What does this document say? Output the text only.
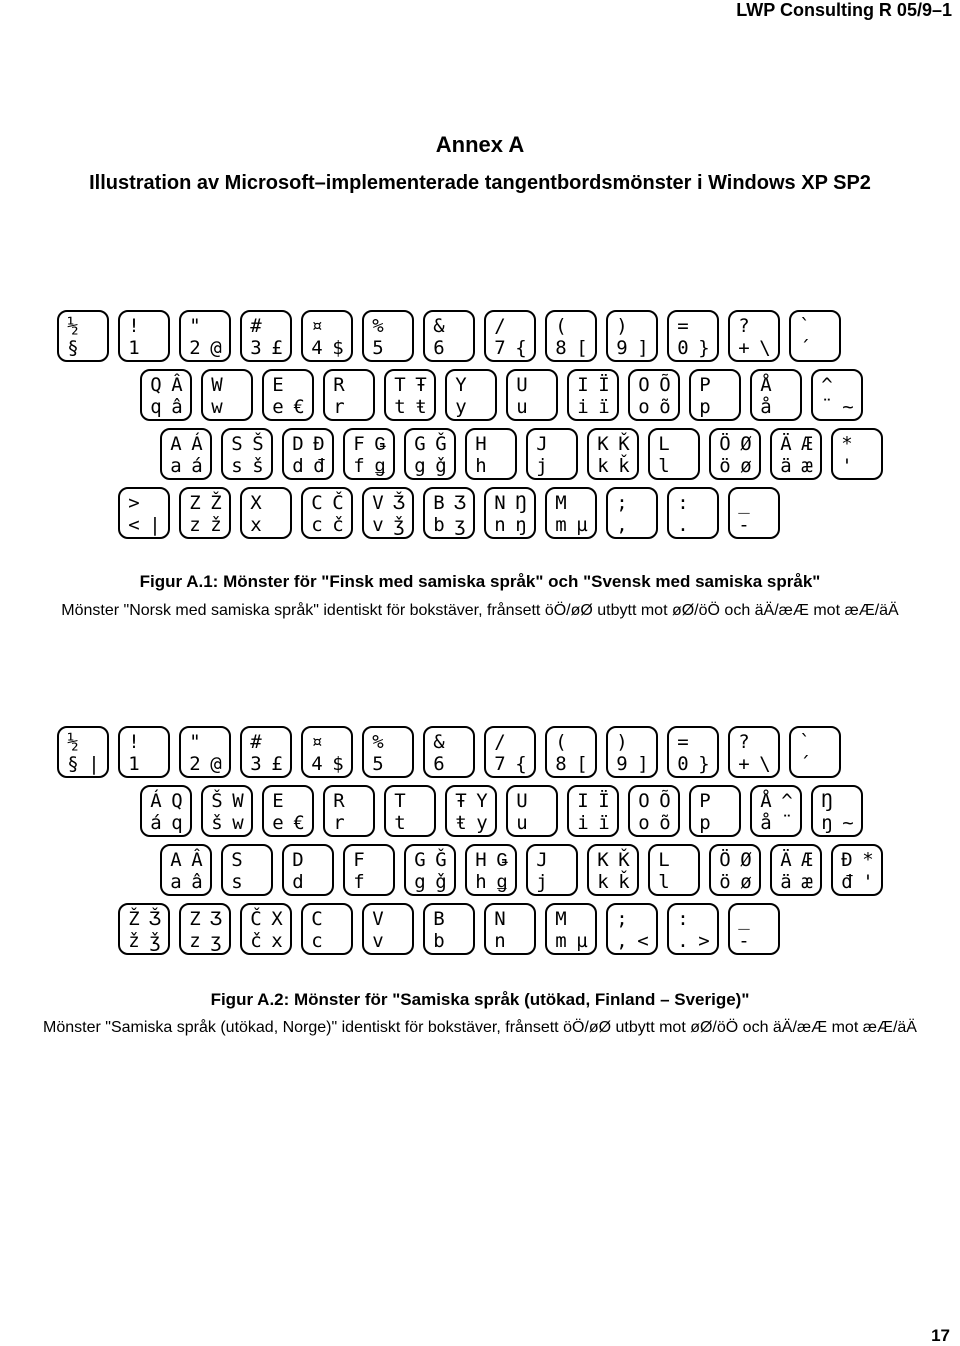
LWP Consulting R 05/9–1
Annex A
Illustration av Microsoft–implementerade tangentbordsmönster i Windows XP SP2
½
§
!
1
"
2 @
#
3 £
¤
4 $
%
5
&
6
/
7 {
(
8 [
)
9 ]
=
0 }
?
+ \
`
´
Q Â
q â
W
w
E
e €
R
r
T Ŧ
t ŧ
Y
y
U
u
I Ï
i ï
O Õ
o õ
P
p
Å
å
^
¨ ~
A Á
a á
S Š
s š
D Đ
d đ
F Ǥ
f ǥ
G Ǧ
g ǧ
H
h
J
j
K Ǩ
k ǩ
L
l
Ö Ø
ö ø
Ä Æ
ä æ
*
'
>
< |
Z Ž
z ž
X
x
C Č
c č
V Ǯ
v ǯ
B Ʒ
b ʒ
N Ŋ
n ŋ
M
m µ
;
,
:
.
_
-
Figur A.1: Mönster för "Finsk med samiska språk" och "Svensk med samiska språk"
Mönster "Norsk med samiska språk" identiskt för bokstäver, frånsett öÖ/øØ utbytt mot øØ/öÖ och äÄ/æÆ mot æÆ/äÄ
½
§ |
!
1
"
2 @
#
3 £
¤
4 $
%
5
&
6
/
7 {
(
8 [
)
9 ]
=
0 }
?
+ \
`
´
Á Q
á q
Š W
š w
E
e €
R
r
T
t
Ŧ Y
ŧ y
U
u
I Ï
i ï
O Õ
o õ
P
p
Å ^
å ¨
Ŋ
ŋ ~
A Â
a â
S
s
D
d
F
f
G Ǧ
g ǧ
H Ǥ
h ǥ
J
j
K Ǩ
k ǩ
L
l
Ö Ø
ö ø
Ä Æ
ä æ
Đ *
đ '
Ž Ǯ
ž ǯ
Z Ʒ
z ʒ
Č X
č x
C
c
V
v
B
b
N
n
M
m µ
;
, <
:
. >
_
-
Figur A.2: Mönster för "Samiska språk (utökad, Finland – Sverige)"
Mönster "Samiska språk (utökad, Norge)" identiskt för bokstäver, frånsett öÖ/øØ utbytt mot øØ/öÖ och äÄ/æÆ mot æÆ/äÄ
17
